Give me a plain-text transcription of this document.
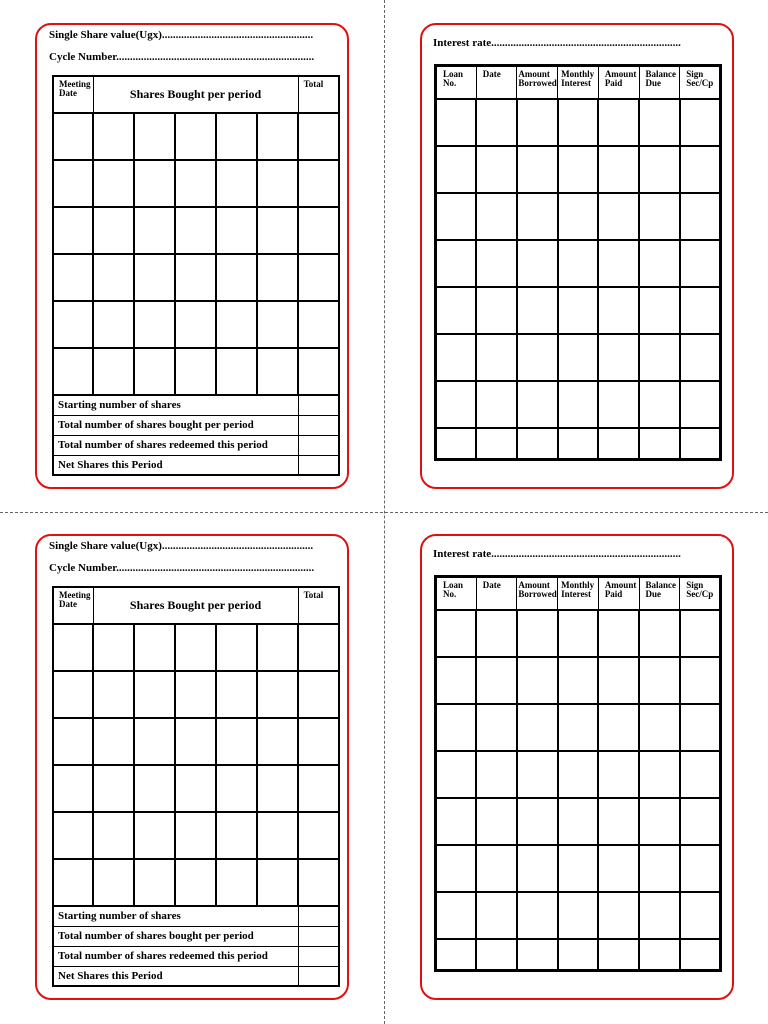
Single Share value(Ugx).......................................................
Cycle Number........................................................................
Meeting Date	Shares Bought per period					Total

Starting number of shares						
Total number of shares bought per period						
Total number of shares redeemed this period						
Net Shares this Period						
Interest rate.....................................................................
Loan No.	Date	Amount Borrowed	Monthly Interest	Amount Paid	Balance Due	Sign Sec/Cp

Single Share value(Ugx).......................................................
Cycle Number........................................................................
Meeting Date	Shares Bought per period					Total

Starting number of shares						
Total number of shares bought per period						
Total number of shares redeemed this period						
Net Shares this Period						
Interest rate.....................................................................
Loan No.	Date	Amount Borrowed	Monthly Interest	Amount Paid	Balance Due	Sign Sec/Cp
